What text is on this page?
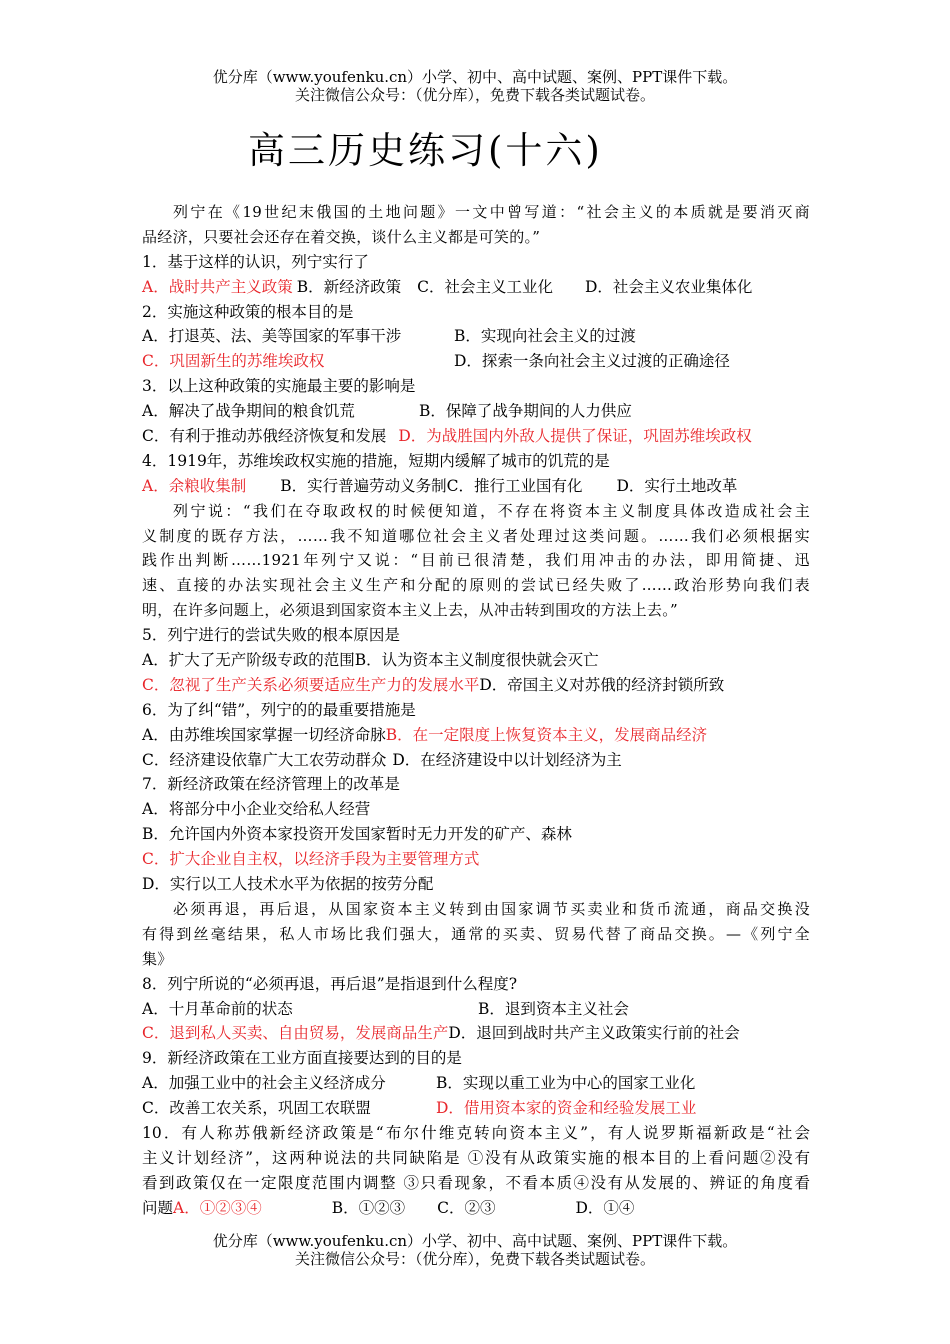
优分库（www.youfenku.cn）小学、初中、高中试题、案例、PPT课件下载。
关注微信公众号：（优分库），免费下载各类试题试卷。
高三历史练习(十六)
列宁在《19世纪末俄国的土地问题》一文中曾写道：“社会主义的本质就是要消灭商
品经济，只要社会还存在着交换，谈什么主义都是可笑的。”
1．基于这样的认识，列宁实行了
A．战时共产主义政策 B．新经济政策 C．社会主义工业化 D．社会主义农业集体化
2．实施这种政策的根本目的是
A．打退英、法、美等国家的军事干涉	B．实现向社会主义的过渡
C．巩固新生的苏维埃政权	D．探索一条向社会主义过渡的正确途径
3．以上这种政策的实施最主要的影响是
A．解决了战争期间的粮食饥荒	B．保障了战争期间的人力供应
C．有利于推动苏俄经济恢复和发展 D．为战胜国内外敌人提供了保证，巩固苏维埃政权
4．1919年，苏维埃政权实施的措施，短期内缓解了城市的饥荒的是
A．余粮收集制 B．实行普遍劳动义务制C．推行工业国有化 D．实行土地改革
列宁说：“我们在夺取政权的时候便知道，不存在将资本主义制度具体改造成社会主
义制度的既存方法，……我不知道哪位社会主义者处理过这类问题。……我们必须根据实
践作出判断……1921年列宁又说：“目前已很清楚，我们用冲击的办法，即用简捷、迅
速、直接的办法实现社会主义生产和分配的原则的尝试已经失败了……政治形势向我们表
明，在许多问题上，必须退到国家资本主义上去，从冲击转到围攻的方法上去。”
5．列宁进行的尝试失败的根本原因是
A．扩大了无产阶级专政的范围B．认为资本主义制度很快就会灭亡
C．忽视了生产关系必须要适应生产力的发展水平D．帝国主义对苏俄的经济封锁所致
6．为了纠“错”，列宁的的最重要措施是
A．由苏维埃国家掌握一切经济命脉B．在一定限度上恢复资本主义，发展商品经济
C．经济建设依靠广大工农劳动群众 D．在经济建设中以计划经济为主
7．新经济政策在经济管理上的改革是
A．将部分中小企业交给私人经营
B．允许国内外资本家投资开发国家暂时无力开发的矿产、森林
C．扩大企业自主权，以经济手段为主要管理方式
D．实行以工人技术水平为依据的按劳分配
必须再退，再后退，从国家资本主义转到由国家调节买卖业和货币流通，商品交换没
有得到丝毫结果，私人市场比我们强大，通常的买卖、贸易代替了商品交换。—《列宁全
集》
8．列宁所说的“必须再退，再后退”是指退到什么程度?
A．十月革命前的状态	B．退到资本主义社会
C．退到私人买卖、自由贸易，发展商品生产D．退回到战时共产主义政策实行前的社会
9．新经济政策在工业方面直接要达到的目的是
A．加强工业中的社会主义经济成分	B．实现以重工业为中心的国家工业化
C．改善工农关系，巩固工农联盟	D．借用资本家的资金和经验发展工业
10．有人称苏俄新经济政策是“布尔什维克转向资本主义”，有人说罗斯福新政是“社会
主义计划经济”，这两种说法的共同缺陷是 ①没有从政策实施的根本目的上看问题②没有
看到政策仅在一定限度范围内调整 ③只看现象，不看本质④没有从发展的、辨证的角度看
问题A．①②③④	B．①②③ C．②③	D．①④
优分库（www.youfenku.cn）小学、初中、高中试题、案例、PPT课件下载。
关注微信公众号：（优分库），免费下载各类试题试卷。
